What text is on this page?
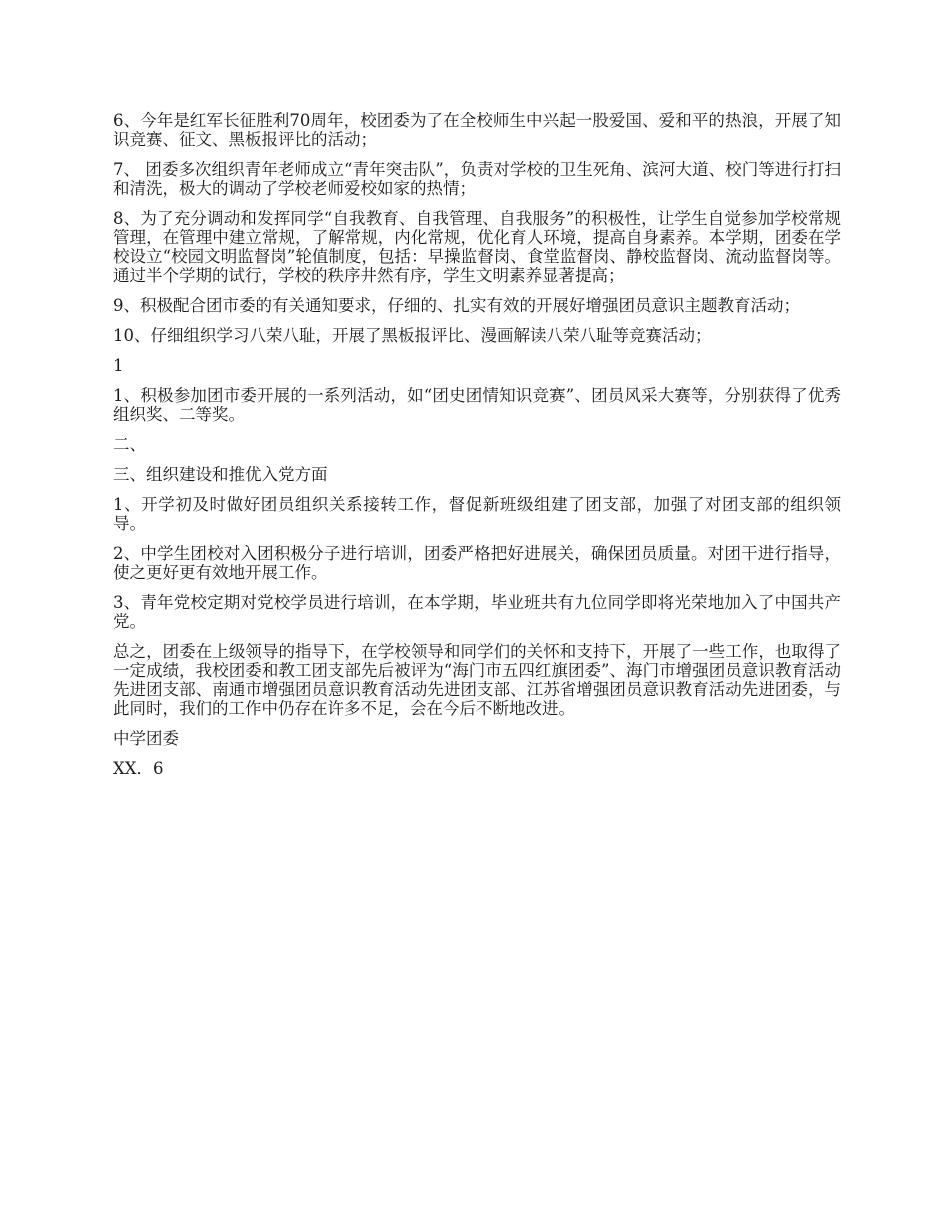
6、今年是红军长征胜利70周年，校团委为了在全校师生中兴起一股爱国、爱和平的热浪，开展了知识竞赛、征文、黑板报评比的活动；

7、 团委多次组织青年老师成立“青年突击队”，负责对学校的卫生死角、滨河大道、校门等进行打扫和清洗，极大的调动了学校老师爱校如家的热情；

8、为了充分调动和发挥同学“自我教育、自我管理、自我服务”的积极性，让学生自觉参加学校常规管理，在管理中建立常规，了解常规，内化常规，优化育人环境，提高自身素养。本学期，团委在学校设立“校园文明监督岗”轮值制度，包括：早操监督岗、食堂监督岗、静校监督岗、流动监督岗等。通过半个学期的试行，学校的秩序井然有序，学生文明素养显著提高；

9、积极配合团市委的有关通知要求，仔细的、扎实有效的开展好增强团员意识主题教育活动；

10、仔细组织学习八荣八耻，开展了黑板报评比、漫画解读八荣八耻等竞赛活动；

1

1、积极参加团市委开展的一系列活动，如“团史团情知识竞赛”、团员风采大赛等，分别获得了优秀组织奖、二等奖。

二、

三、组织建设和推优入党方面

1、开学初及时做好团员组织关系接转工作，督促新班级组建了团支部，加强了对团支部的组织领导。

2、中学生团校对入团积极分子进行培训，团委严格把好进展关，确保团员质量。对团干进行指导，使之更好更有效地开展工作。

3、青年党校定期对党校学员进行培训，在本学期，毕业班共有九位同学即将光荣地加入了中国共产党。

总之，团委在上级领导的指导下，在学校领导和同学们的关怀和支持下，开展了一些工作，也取得了一定成绩，我校团委和教工团支部先后被评为“海门市五四红旗团委”、海门市增强团员意识教育活动先进团支部、南通市增强团员意识教育活动先进团支部、江苏省增强团员意识教育活动先进团委，与此同时，我们的工作中仍存在许多不足，会在今后不断地改进。

中学团委

XX．6
